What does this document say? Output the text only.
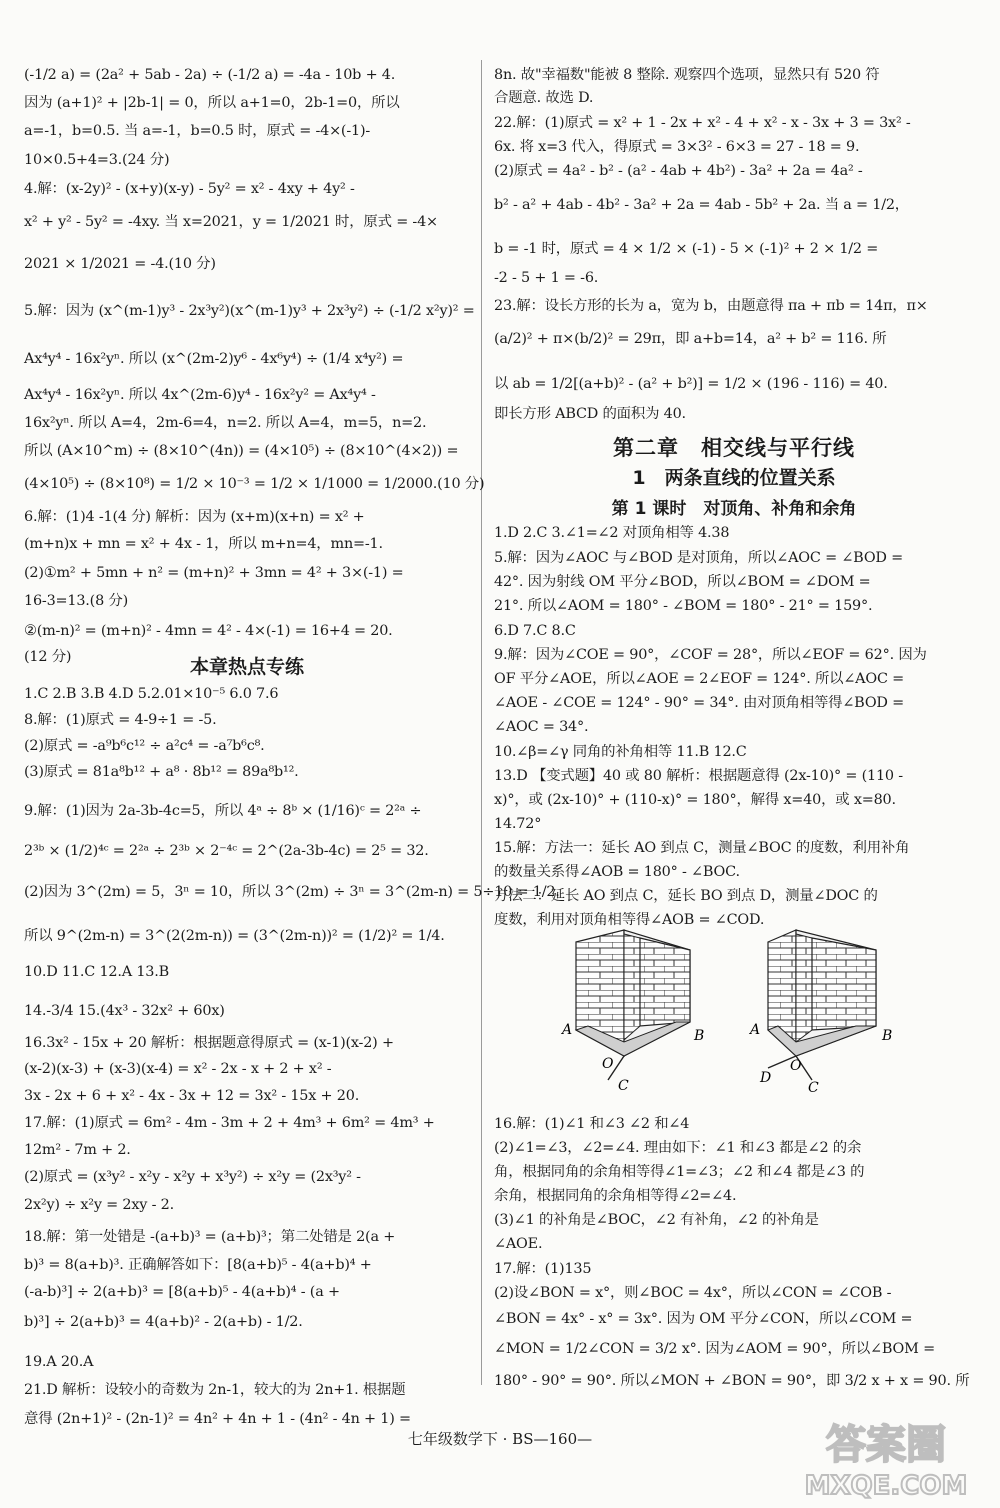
(-1/2 a) = (2a² + 5ab - 2a) ÷ (-1/2 a) = -4a - 10b + 4.
因为 (a+1)² + |2b-1| = 0，所以 a+1=0，2b-1=0，所以
a=-1，b=0.5. 当 a=-1，b=0.5 时，原式 = -4×(-1)-
10×0.5+4=3.(24 分)
4.解：(x-2y)² - (x+y)(x-y) - 5y² = x² - 4xy + 4y² -
x² + y² - 5y² = -4xy. 当 x=2021，y = 1/2021 时，原式 = -4×
2021 × 1/2021 = -4.(10 分)
5.解：因为 (x^(m-1)y³ - 2x³y²)(x^(m-1)y³ + 2x³y²) ÷ (-1/2 x²y)² =
Ax⁴y⁴ - 16x²yⁿ. 所以 (x^(2m-2)y⁶ - 4x⁶y⁴) ÷ (1/4 x⁴y²) =
Ax⁴y⁴ - 16x²yⁿ. 所以 4x^(2m-6)y⁴ - 16x²y² = Ax⁴y⁴ -
16x²yⁿ. 所以 A=4，2m-6=4，n=2. 所以 A=4，m=5，n=2.
所以 (A×10^m) ÷ (8×10^(4n)) = (4×10⁵) ÷ (8×10^(4×2)) =
(4×10⁵) ÷ (8×10⁸) = 1/2 × 10⁻³ = 1/2 × 1/1000 = 1/2000.(10 分)
6.解：(1)4 -1(4 分) 解析：因为 (x+m)(x+n) = x² +
(m+n)x + mn = x² + 4x - 1，所以 m+n=4，mn=-1.
(2)①m² + 5mn + n² = (m+n)² + 3mn = 4² + 3×(-1) =
16-3=13.(8 分)
②(m-n)² = (m+n)² - 4mn = 4² - 4×(-1) = 16+4 = 20.
(12 分)	本章热点专练
1.C 2.B 3.B 4.D 5.2.01×10⁻⁵ 6.0 7.6
8.解：(1)原式 = 4-9÷1 = -5.
(2)原式 = -a⁹b⁶c¹² ÷ a²c⁴ = -a⁷b⁶c⁸.
(3)原式 = 81a⁸b¹² + a⁸ · 8b¹² = 89a⁸b¹².
9.解：(1)因为 2a-3b-4c=5，所以 4ᵃ ÷ 8ᵇ × (1/16)ᶜ = 2²ᵃ ÷
2³ᵇ × (1/2)⁴ᶜ = 2²ᵃ ÷ 2³ᵇ × 2⁻⁴ᶜ = 2^(2a-3b-4c) = 2⁵ = 32.
(2)因为 3^(2m) = 5，3ⁿ = 10，所以 3^(2m) ÷ 3ⁿ = 3^(2m-n) = 5÷10 = 1/2.
所以 9^(2m-n) = 3^(2(2m-n)) = (3^(2m-n))² = (1/2)² = 1/4.
10.D 11.C 12.A 13.B
14.-3/4 15.(4x³ - 32x² + 60x)
16.3x² - 15x + 20 解析：根据题意得原式 = (x-1)(x-2) +
(x-2)(x-3) + (x-3)(x-4) = x² - 2x - x + 2 + x² -
3x - 2x + 6 + x² - 4x - 3x + 12 = 3x² - 15x + 20.
17.解：(1)原式 = 6m² - 4m - 3m + 2 + 4m³ + 6m² = 4m³ +
12m² - 7m + 2.
(2)原式 = (x³y² - x²y - x²y + x³y²) ÷ x²y = (2x³y² -
2x²y) ÷ x²y = 2xy - 2.
18.解：第一处错是 -(a+b)³ = (a+b)³；第二处错是 2(a +
b)³ = 8(a+b)³. 正确解答如下：[8(a+b)⁵ - 4(a+b)⁴ +
(-a-b)³] ÷ 2(a+b)³ = [8(a+b)⁵ - 4(a+b)⁴ - (a +
b)³] ÷ 2(a+b)³ = 4(a+b)² - 2(a+b) - 1/2.
19.A 20.A
21.D 解析：设较小的奇数为 2n-1，较大的为 2n+1. 根据题
意得 (2n+1)² - (2n-1)² = 4n² + 4n + 1 - (4n² - 4n + 1) =
8n. 故"幸福数"能被 8 整除. 观察四个选项，显然只有 520 符
合题意. 故选 D.
22.解：(1)原式 = x² + 1 - 2x + x² - 4 + x² - x - 3x + 3 = 3x² -
6x. 将 x=3 代入，得原式 = 3×3² - 6×3 = 27 - 18 = 9.
(2)原式 = 4a² - b² - (a² - 4ab + 4b²) - 3a² + 2a = 4a² -
b² - a² + 4ab - 4b² - 3a² + 2a = 4ab - 5b² + 2a. 当 a = 1/2，
b = -1 时，原式 = 4 × 1/2 × (-1) - 5 × (-1)² + 2 × 1/2 =
-2 - 5 + 1 = -6.
23.解：设长方形的长为 a，宽为 b，由题意得 πa + πb = 14π，π×
(a/2)² + π×(b/2)² = 29π，即 a+b=14，a² + b² = 116. 所
以 ab = 1/2[(a+b)² - (a² + b²)] = 1/2 × (196 - 116) = 40.
即长方形 ABCD 的面积为 40.
第二章　相交线与平行线
1　两条直线的位置关系
第 1 课时　对顶角、补角和余角
1.D 2.C 3.∠1=∠2 对顶角相等 4.38
5.解：因为∠AOC 与∠BOD 是对顶角，所以∠AOC = ∠BOD =
42°. 因为射线 OM 平分∠BOD，所以∠BOM = ∠DOM =
21°. 所以∠AOM = 180° - ∠BOM = 180° - 21° = 159°.
6.D 7.C 8.C
9.解：因为∠COE = 90°，∠COF = 28°，所以∠EOF = 62°. 因为
OF 平分∠AOE，所以∠AOE = 2∠EOF = 124°. 所以∠AOC =
∠AOE - ∠COE = 124° - 90° = 34°. 由对顶角相等得∠BOD =
∠AOC = 34°.
10.∠β=∠γ 同角的补角相等 11.B 12.C
13.D 【变式题】40 或 80 解析：根据题意得 (2x-10)° = (110 -
x)°，或 (2x-10)° + (110-x)° = 180°，解得 x=40，或 x=80.
14.72°
15.解：方法一：延长 AO 到点 C，测量∠BOC 的度数，利用补角
的数量关系得∠AOB = 180° - ∠BOC.
方法二：延长 AO 到点 C，延长 BO 到点 D，测量∠DOC 的
度数，利用对顶角相等得∠AOB = ∠COD.
A	B
O
C
A	B
O
D
C
16.解：(1)∠1 和∠3 ∠2 和∠4
(2)∠1=∠3，∠2=∠4. 理由如下：∠1 和∠3 都是∠2 的余
角，根据同角的余角相等得∠1=∠3；∠2 和∠4 都是∠3 的
余角，根据同角的余角相等得∠2=∠4.
(3)∠1 的补角是∠BOC，∠2 有补角，∠2 的补角是
∠AOE.
17.解：(1)135
(2)设∠BON = x°，则∠BOC = 4x°，所以∠CON = ∠COB -
∠BON = 4x° - x° = 3x°. 因为 OM 平分∠CON，所以∠COM =
∠MON = 1/2∠CON = 3/2 x°. 因为∠AOM = 90°，所以∠BOM =
180° - 90° = 90°. 所以∠MON + ∠BON = 90°，即 3/2 x + x = 90. 所
七年级数学下 · BS—160—	答案圈
MXQE.COM
